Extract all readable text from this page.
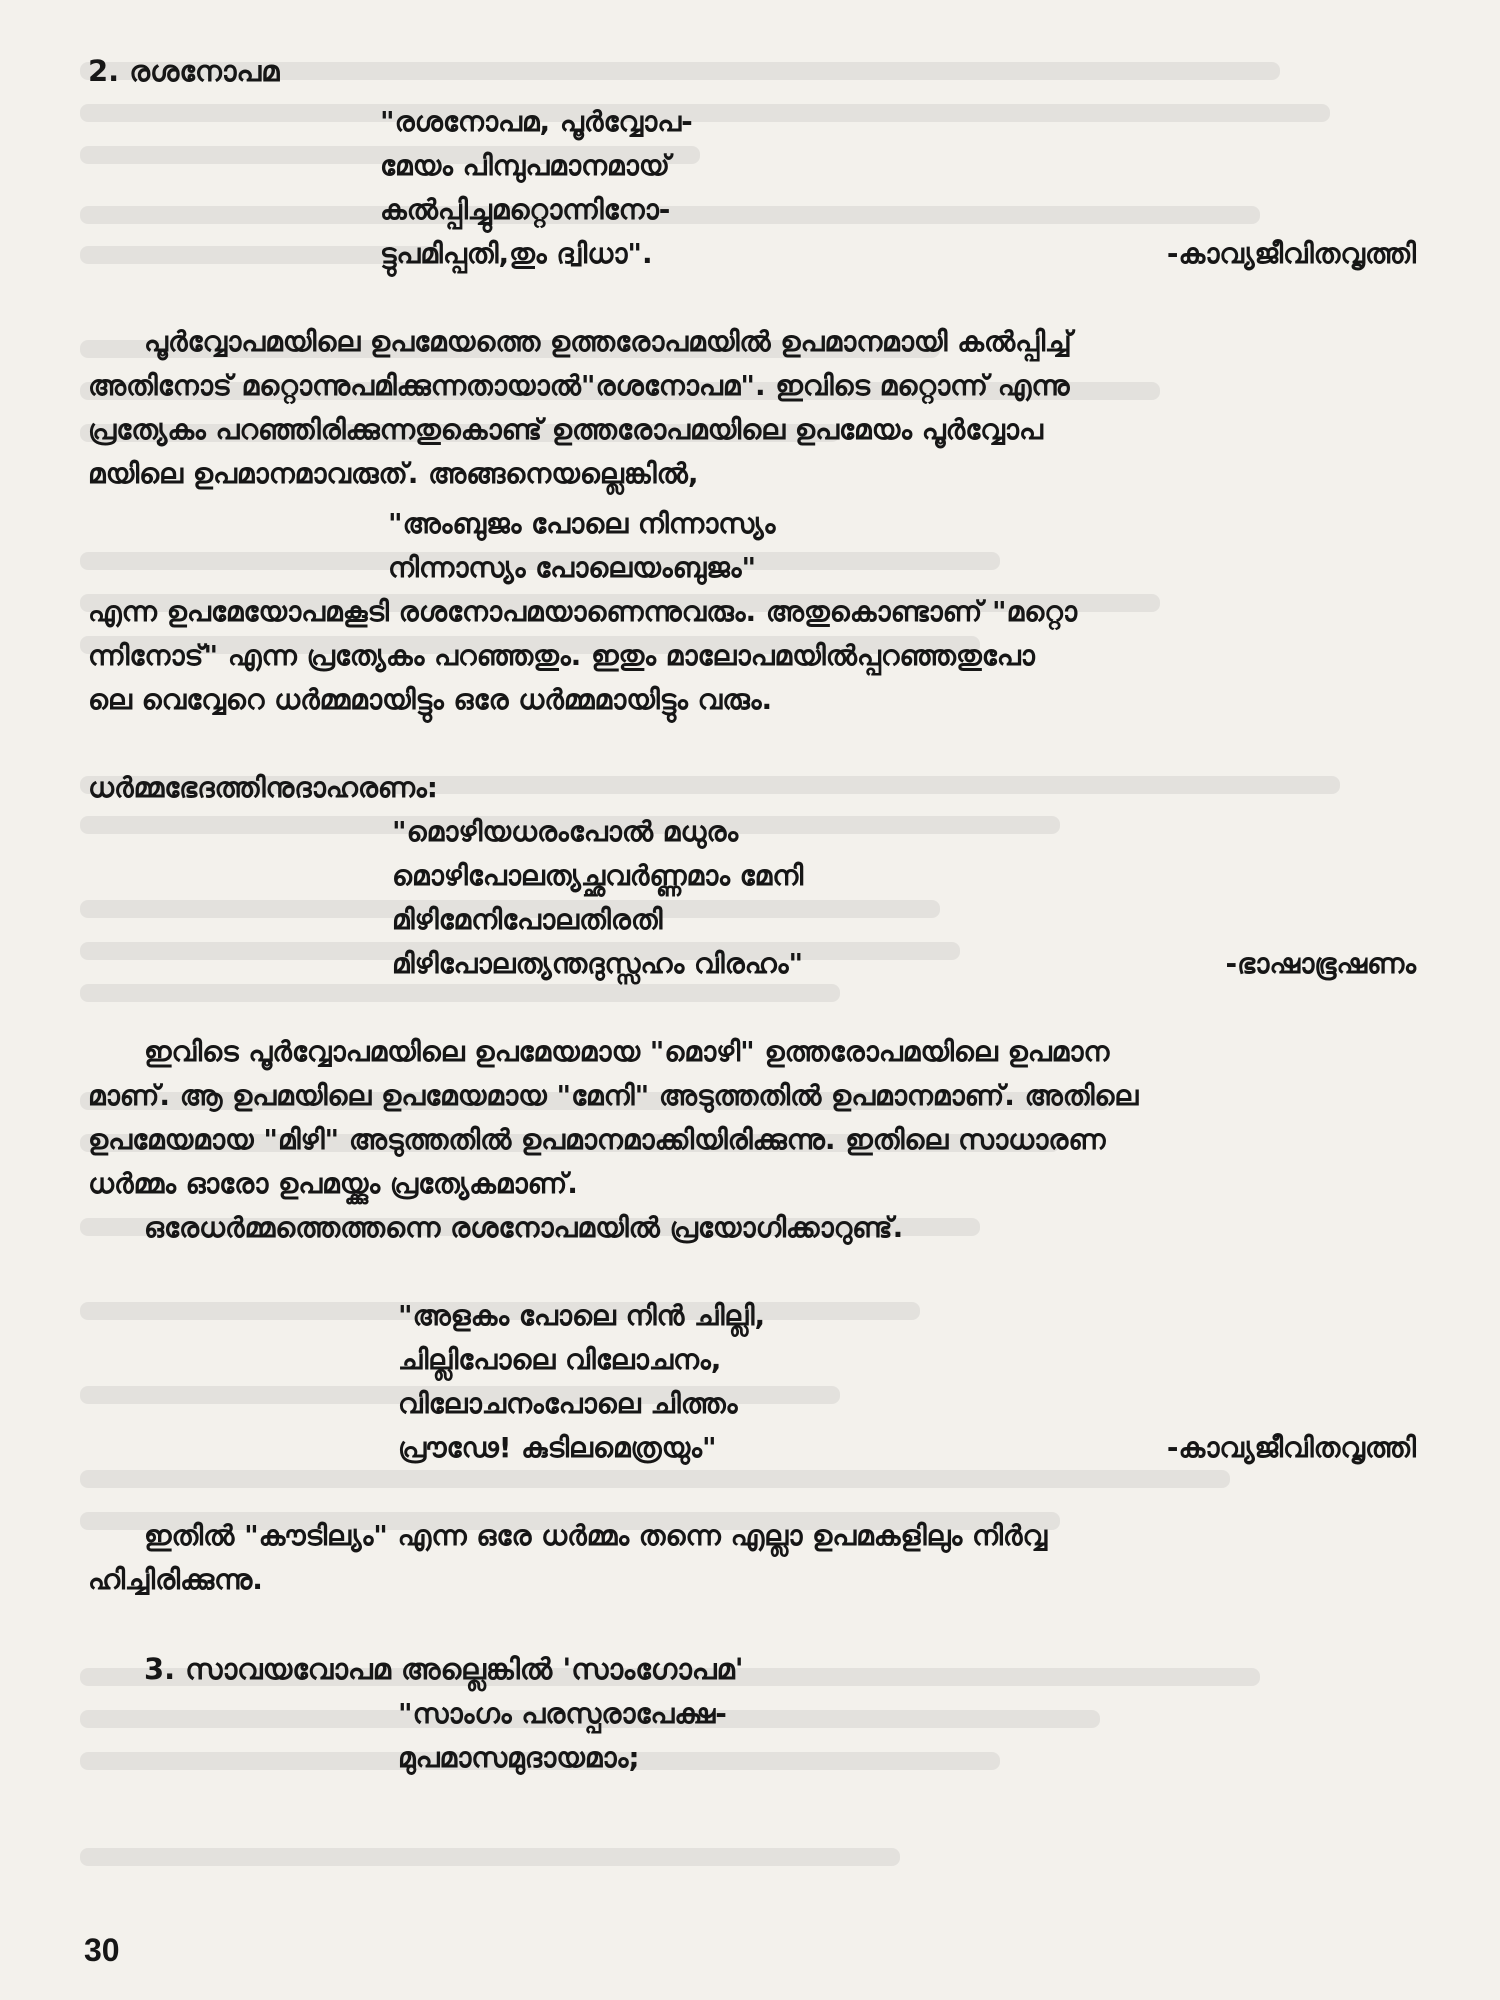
2. രശനോപമ
"രശനോപമ, പൂർവ്വോപ-
മേയം പിമ്പുപമാനമായ്
കൽപ്പിച്ചുമറ്റൊന്നിനോ-
ട്ടുപമിപ്പതി,തും ദ്വിധാ".	-കാവ്യജീവിതവൃത്തി
പൂർവ്വോപമയിലെ ഉപമേയത്തെ ഉത്തരോപമയിൽ ഉപമാനമായി കൽപ്പിച്ച്
അതിനോട് മറ്റൊന്നുപമിക്കുന്നതായാൽ"രശനോപമ". ഇവിടെ മറ്റൊന്ന് എന്നു
പ്രത്യേകം പറഞ്ഞിരിക്കുന്നതുകൊണ്ട് ഉത്തരോപമയിലെ ഉപമേയം പൂർവ്വോപ
മയിലെ ഉപമാനമാവരുത്. അങ്ങനെയല്ലെങ്കിൽ,
"അംബുജം പോലെ നിന്നാസ്യം
നിന്നാസ്യം പോലെയംബുജം"
എന്ന ഉപമേയോപമകൂടി രശനോപമയാണെന്നുവരും. അതുകൊണ്ടാണ് "മറ്റൊ
ന്നിനോട്" എന്ന പ്രത്യേകം പറഞ്ഞതും. ഇതും മാലോപമയിൽപ്പറഞ്ഞതുപോ
ലെ വെവ്വേറെ ധർമ്മമായിട്ടും ഒരേ ധർമ്മമായിട്ടും വരും.
ധർമ്മഭേദത്തിനുദാഹരണം:
"മൊഴിയധരംപോൽ മധുരം
മൊഴിപോലത്യച്ഛവർണ്ണമാം മേനി
മിഴിമേനിപോലതിരതി
മിഴിപോലത്യന്തദുസ്സഹം വിരഹം"	-ഭാഷാഭൂഷണം
ഇവിടെ പൂർവ്വോപമയിലെ ഉപമേയമായ "മൊഴി" ഉത്തരോപമയിലെ ഉപമാന
മാണ്. ആ ഉപമയിലെ ഉപമേയമായ "മേനി" അടുത്തതിൽ ഉപമാനമാണ്. അതിലെ
ഉപമേയമായ "മിഴി" അടുത്തതിൽ ഉപമാനമാക്കിയിരിക്കുന്നു. ഇതിലെ സാധാരണ
ധർമ്മം ഓരോ ഉപമയ്ക്കും പ്രത്യേകമാണ്.
ഒരേധർമ്മത്തെത്തന്നെ രശനോപമയിൽ പ്രയോഗിക്കാറുണ്ട്.
"അളകം പോലെ നിൻ ചില്ലി,
ചില്ലിപോലെ വിലോചനം,
വിലോചനംപോലെ ചിത്തം
പ്രൗഢേ! കുടിലമെത്രയും"	-കാവ്യജീവിതവൃത്തി
ഇതിൽ "കൗടില്യം" എന്ന ഒരേ ധർമ്മം തന്നെ എല്ലാ ഉപമകളിലും നിർവ്വ
ഹിച്ചിരിക്കുന്നു.
3. സാവയവോപമ അല്ലെങ്കിൽ 'സാംഗോപമ'
"സാംഗം പരസ്പരാപേക്ഷ-
മുപമാസമുദായമാം;
30
